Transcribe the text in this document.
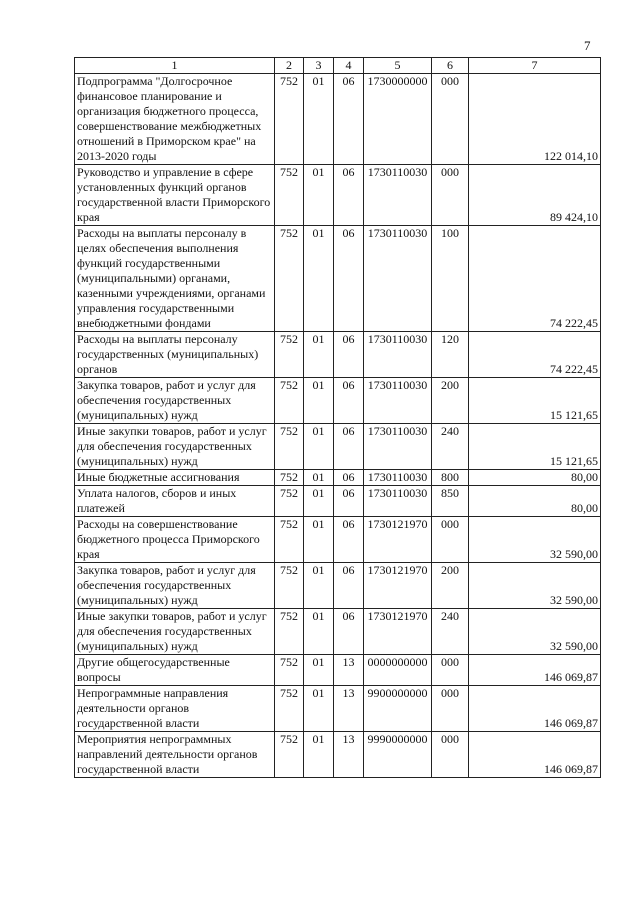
7
1	2	3	4	5	6	7
Подпрограмма "Долгосрочное финансовое планирование и организация бюджетного процесса, совершенствование межбюджетных отношений в Приморском крае" на 2013-2020 годы	752	01	06	1730000000	000	122 014,10
Руководство и управление в сфере установленных функций органов государственной власти Приморского края	752	01	06	1730110030	000	89 424,10
Расходы на выплаты персоналу в целях обеспечения выполнения функций государственными (муниципальными) органами, казенными учреждениями, органами управления государственными внебюджетными фондами	752	01	06	1730110030	100	74 222,45
Расходы на выплаты персоналу государственных (муниципальных) органов	752	01	06	1730110030	120	74 222,45
Закупка товаров, работ и услуг для обеспечения государственных (муниципальных) нужд	752	01	06	1730110030	200	15 121,65
Иные закупки товаров, работ и услуг для обеспечения государственных (муниципальных) нужд	752	01	06	1730110030	240	15 121,65
Иные бюджетные ассигнования	752	01	06	1730110030	800	80,00
Уплата налогов, сборов и иных платежей	752	01	06	1730110030	850	80,00
Расходы на совершенствование бюджетного процесса Приморского края	752	01	06	1730121970	000	32 590,00
Закупка товаров, работ и услуг для обеспечения государственных (муниципальных) нужд	752	01	06	1730121970	200	32 590,00
Иные закупки товаров, работ и услуг для обеспечения государственных (муниципальных) нужд	752	01	06	1730121970	240	32 590,00
Другие общегосударственные вопросы	752	01	13	0000000000	000	146 069,87
Непрограммные направления деятельности органов государственной власти	752	01	13	9900000000	000	146 069,87
Мероприятия непрограммных направлений деятельности органов государственной власти	752	01	13	9990000000	000	146 069,87
